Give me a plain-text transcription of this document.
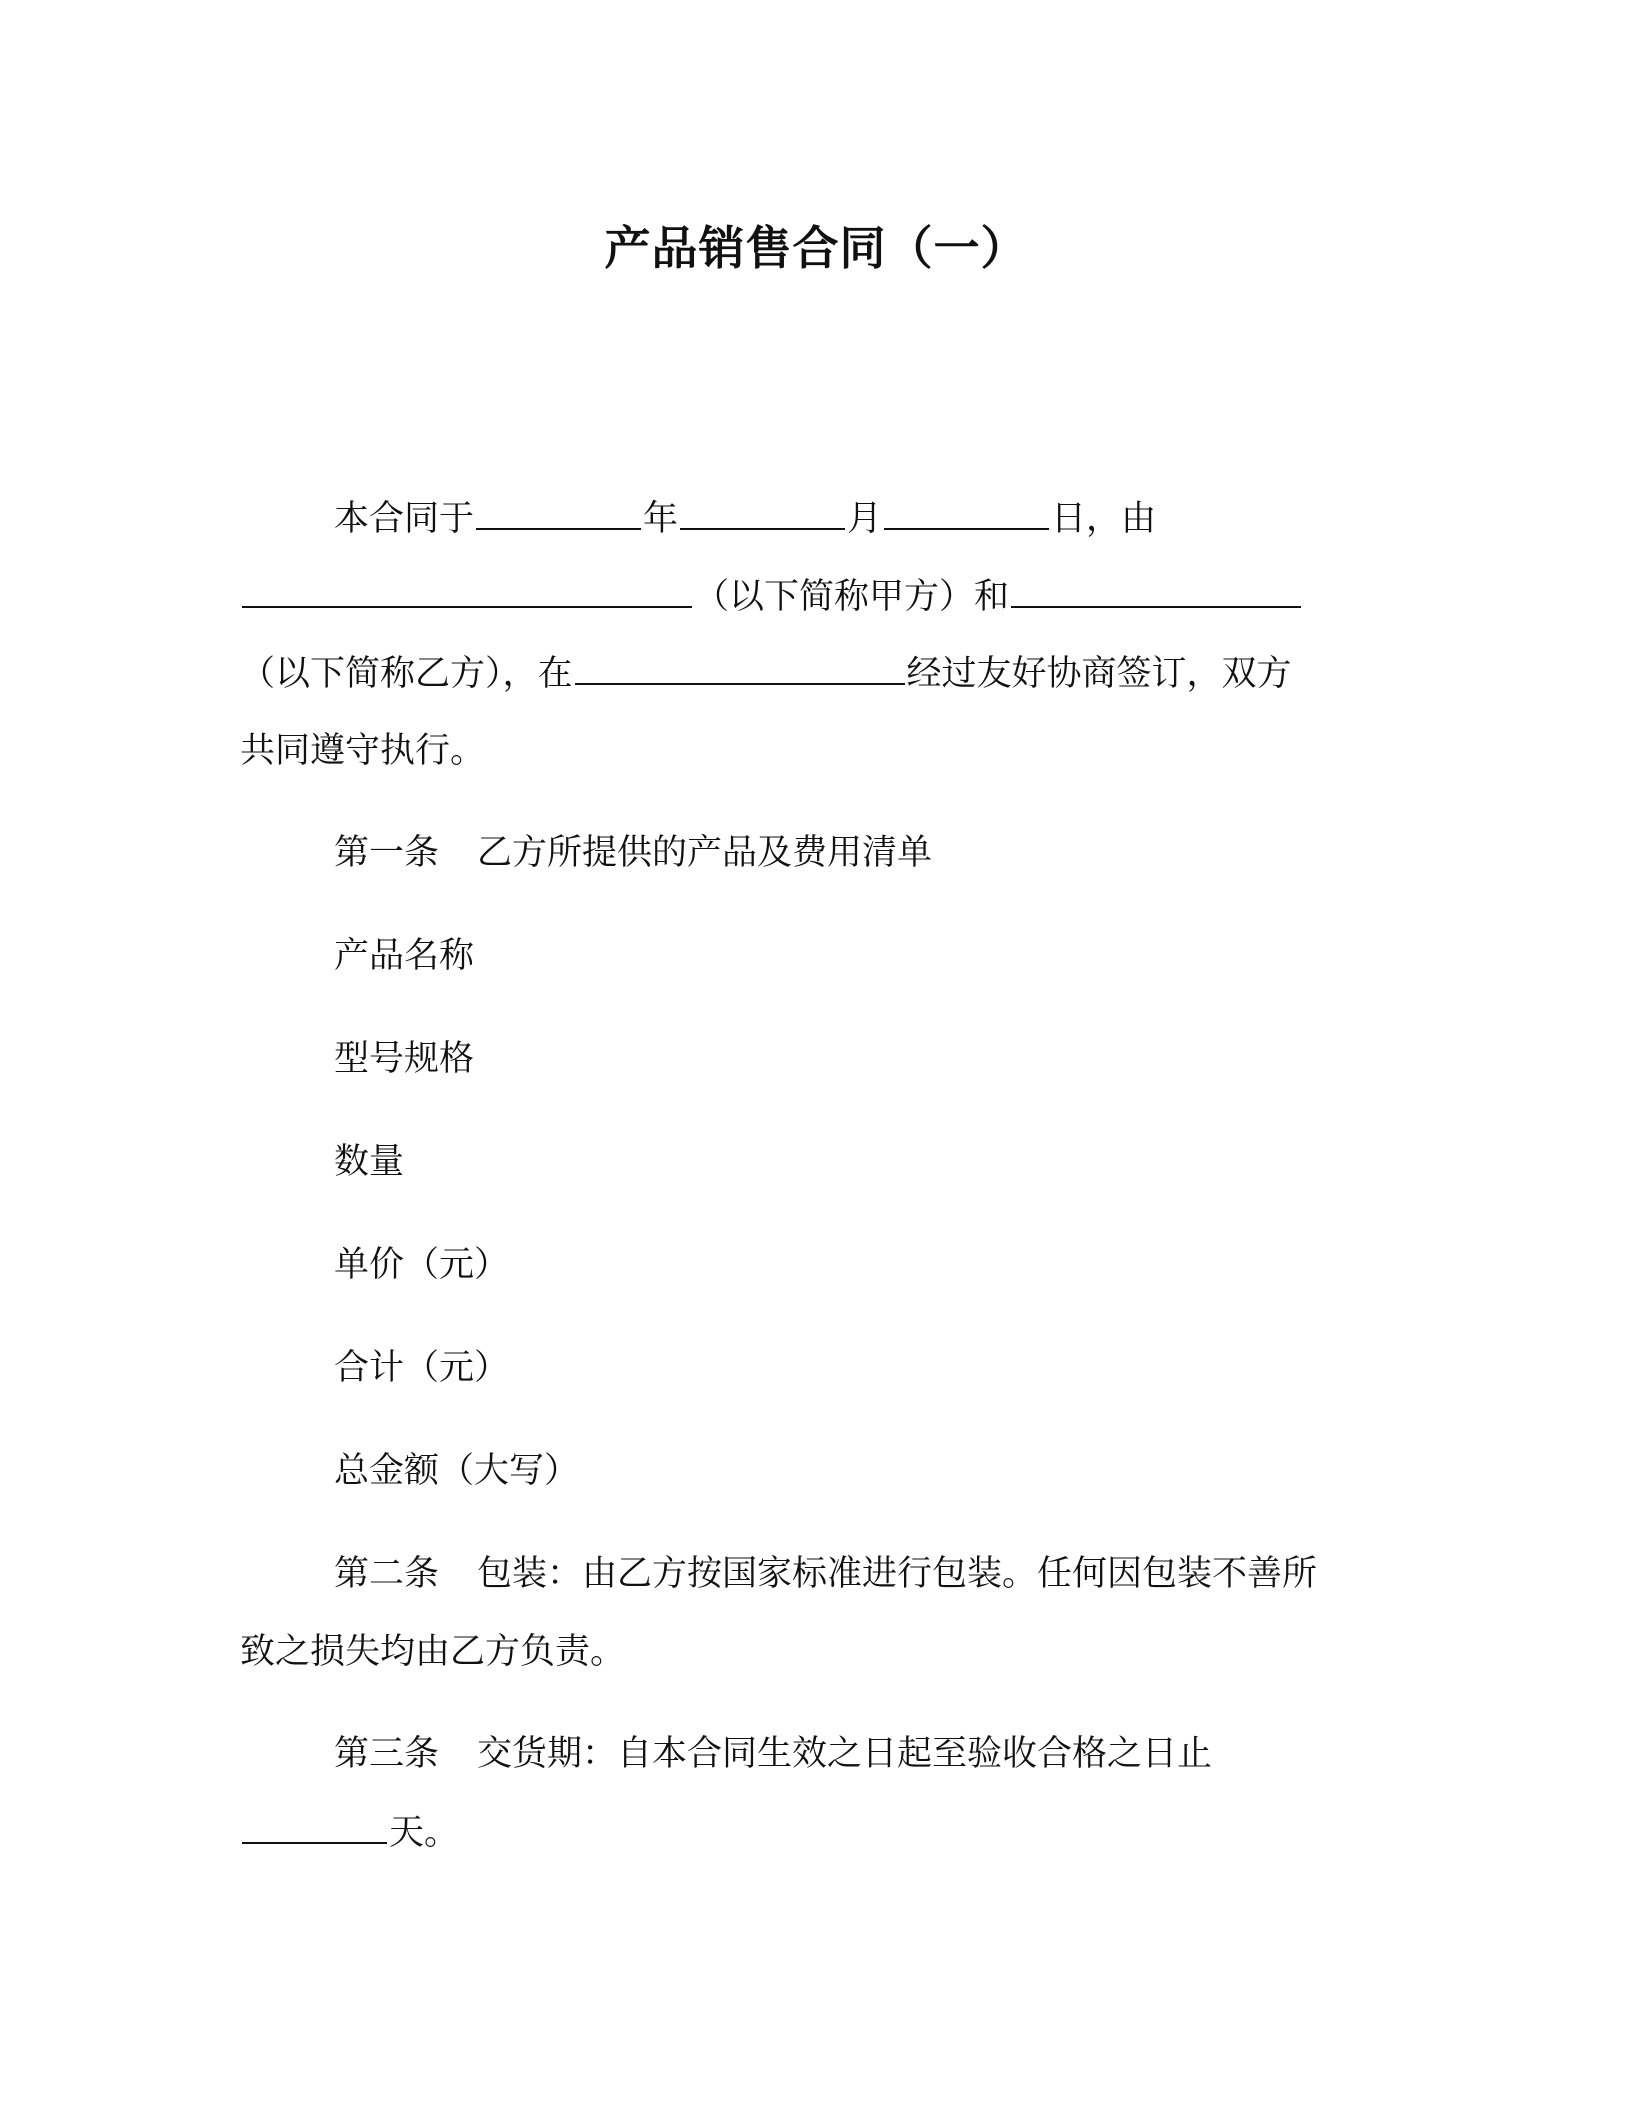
产品销售合同（一）
本合同于	年	月	日，由
（以下简称甲方）和
（以下简称乙方），在	经过友好协商签订，双方
共同遵守执行。
第一条 乙方所提供的产品及费用清单
产品名称
型号规格
数量
单价（元）
合计（元）
总金额（大写）
第二条 包装：由乙方按国家标准进行包装。任何因包装不善所
致之损失均由乙方负责。
第三条 交货期：自本合同生效之日起至验收合格之日止
天。
